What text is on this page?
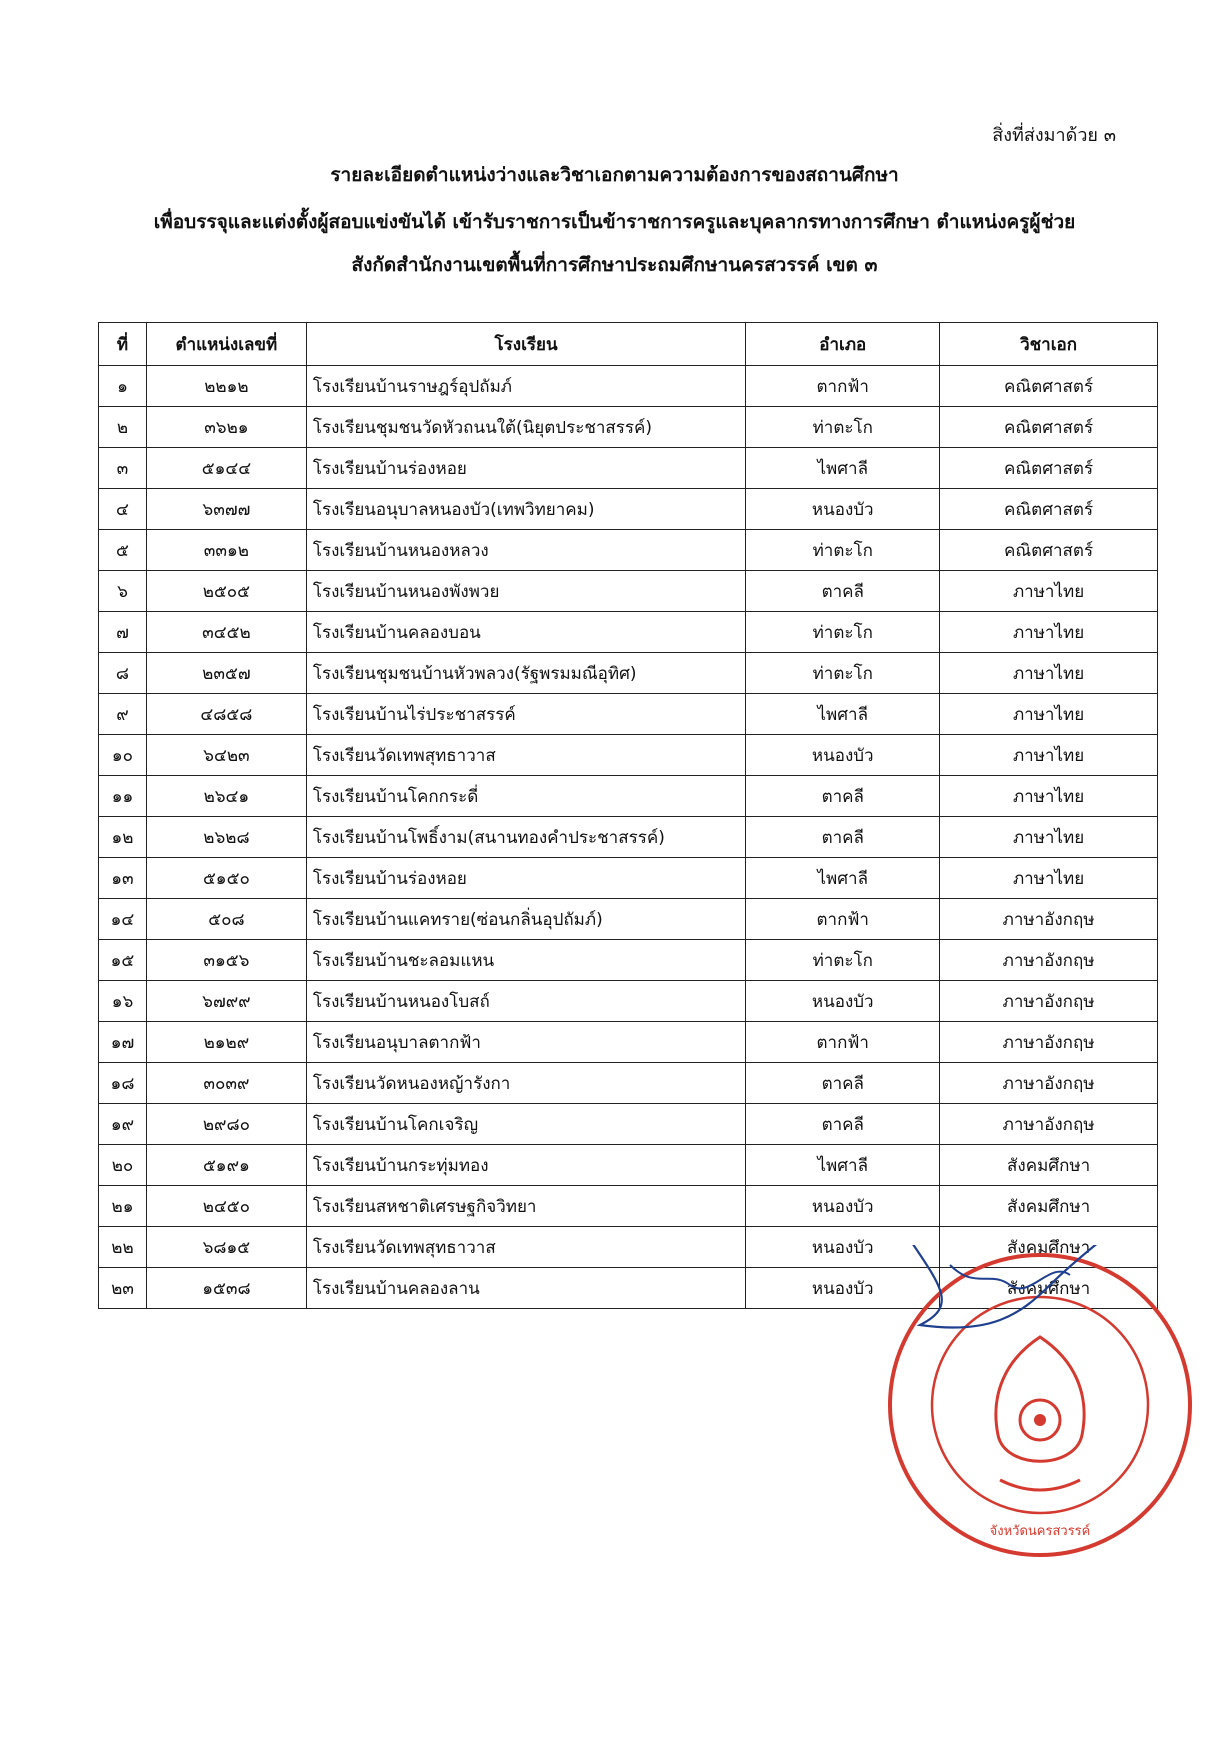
สิ่งที่ส่งมาด้วย ๓
รายละเอียดตำแหน่งว่างและวิชาเอกตามความต้องการของสถานศึกษา
เพื่อบรรจุและแต่งตั้งผู้สอบแข่งขันได้ เข้ารับราชการเป็นข้าราชการครูและบุคลากรทางการศึกษา ตำแหน่งครูผู้ช่วย
สังกัดสำนักงานเขตพื้นที่การศึกษาประถมศึกษานครสวรรค์ เขต ๓
ที่	ตำแหน่งเลขที่	โรงเรียน	อำเภอ	วิชาเอก
๑	๒๒๑๒	โรงเรียนบ้านราษฎร์อุปถัมภ์	ตากฟ้า	คณิตศาสตร์
๒	๓๖๒๑	โรงเรียนชุมชนวัดหัวถนนใต้(นิยุตประชาสรรค์)	ท่าตะโก	คณิตศาสตร์
๓	๕๑๔๔	โรงเรียนบ้านร่องหอย	ไพศาลี	คณิตศาสตร์
๔	๖๓๗๗	โรงเรียนอนุบาลหนองบัว(เทพวิทยาคม)	หนองบัว	คณิตศาสตร์
๕	๓๓๑๒	โรงเรียนบ้านหนองหลวง	ท่าตะโก	คณิตศาสตร์
๖	๒๕๐๕	โรงเรียนบ้านหนองพังพวย	ตาคลี	ภาษาไทย
๗	๓๔๕๒	โรงเรียนบ้านคลองบอน	ท่าตะโก	ภาษาไทย
๘	๒๓๕๗	โรงเรียนชุมชนบ้านหัวพลวง(รัฐพรมมณีอุทิศ)	ท่าตะโก	ภาษาไทย
๙	๔๘๕๘	โรงเรียนบ้านไร่ประชาสรรค์	ไพศาลี	ภาษาไทย
๑๐	๖๔๒๓	โรงเรียนวัดเทพสุทธาวาส	หนองบัว	ภาษาไทย
๑๑	๒๖๔๑	โรงเรียนบ้านโคกกระดี่	ตาคลี	ภาษาไทย
๑๒	๒๖๒๘	โรงเรียนบ้านโพธิ์งาม(สนานทองคำประชาสรรค์)	ตาคลี	ภาษาไทย
๑๓	๕๑๕๐	โรงเรียนบ้านร่องหอย	ไพศาลี	ภาษาไทย
๑๔	๕๐๘	โรงเรียนบ้านแคทราย(ซ่อนกลิ่นอุปถัมภ์)	ตากฟ้า	ภาษาอังกฤษ
๑๕	๓๑๕๖	โรงเรียนบ้านชะลอมแหน	ท่าตะโก	ภาษาอังกฤษ
๑๖	๖๗๙๙	โรงเรียนบ้านหนองโบสถ์	หนองบัว	ภาษาอังกฤษ
๑๗	๒๑๒๙	โรงเรียนอนุบาลตากฟ้า	ตากฟ้า	ภาษาอังกฤษ
๑๘	๓๐๓๙	โรงเรียนวัดหนองหญ้ารังกา	ตาคลี	ภาษาอังกฤษ
๑๙	๒๙๘๐	โรงเรียนบ้านโคกเจริญ	ตาคลี	ภาษาอังกฤษ
๒๐	๕๑๙๑	โรงเรียนบ้านกระทุ่มทอง	ไพศาลี	สังคมศึกษา
๒๑	๒๔๕๐	โรงเรียนสหชาติเศรษฐกิจวิทยา	หนองบัว	สังคมศึกษา
๒๒	๖๘๑๕	โรงเรียนวัดเทพสุทธาวาส	หนองบัว	สังคมศึกษา
๒๓	๑๕๓๘	โรงเรียนบ้านคลองลาน	หนองบัว	สังคมศึกษา
จังหวัดนครสวรรค์
